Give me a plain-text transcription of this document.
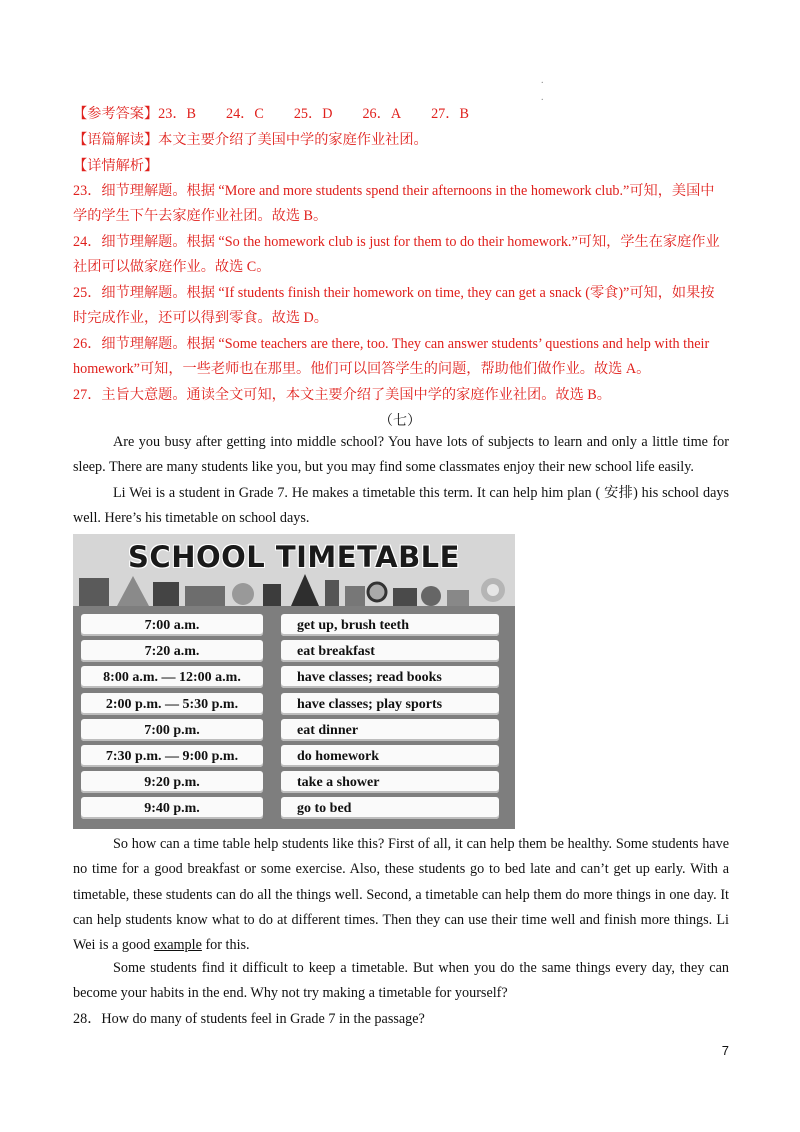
.
.
【参考答案】23．B 24．C 25．D 26．A 27．B
【语篇解读】本文主要介绍了美国中学的家庭作业社团。
【详情解析】
23．细节理解题。根据 “More and more students spend their afternoons in the homework club.”可知，美国中
学的学生下午去家庭作业社团。故选 B。
24．细节理解题。根据 “So the homework club is just for them to do their homework.”可知，学生在家庭作业
社团可以做家庭作业。故选 C。
25．细节理解题。根据 “If students finish their homework on time, they can get a snack (零食)”可知，如果按
时完成作业，还可以得到零食。故选 D。
26．细节理解题。根据 “Some teachers are there, too. They can answer students’ questions and help with their
homework”可知，一些老师也在那里。他们可以回答学生的问题，帮助他们做作业。故选 A。
27．主旨大意题。通读全文可知，本文主要介绍了美国中学的家庭作业社团。故选 B。
（七）
Are you busy after getting into middle school? You have lots of subjects to learn and only a little time for sleep. There are many students like you, but you may find some classmates enjoy their new school life easily.
Li Wei is a student in Grade 7. He makes a timetable this term. It can help him plan ( 安排) his school days well. Here’s his timetable on school days.
SCHOOL TIMETABLE
7:00 a.m.	get up, brush teeth
7:20 a.m.	eat breakfast
8:00 a.m. — 12:00 a.m.	have classes; read books
2:00 p.m. — 5:30 p.m.	have classes; play sports
7:00 p.m.	eat dinner
7:30 p.m. — 9:00 p.m.	do homework
9:20 p.m.	take a shower
9:40 p.m.	go to bed
So how can a time table help students like this? First of all, it can help them be healthy. Some students have no time for a good breakfast or some exercise. Also, these students go to bed late and can’t get up early. With a timetable, these students can do all the things well. Second, a timetable can help them do more things in one day. It can help students know what to do at different times. Then they can use their time well and finish more things. Li Wei is a good example for this.
Some students find it difficult to keep a timetable. But when you do the same things every day, they can become your habits in the end. Why not try making a timetable for yourself?
28．How do many of students feel in Grade 7 in the passage?
7
